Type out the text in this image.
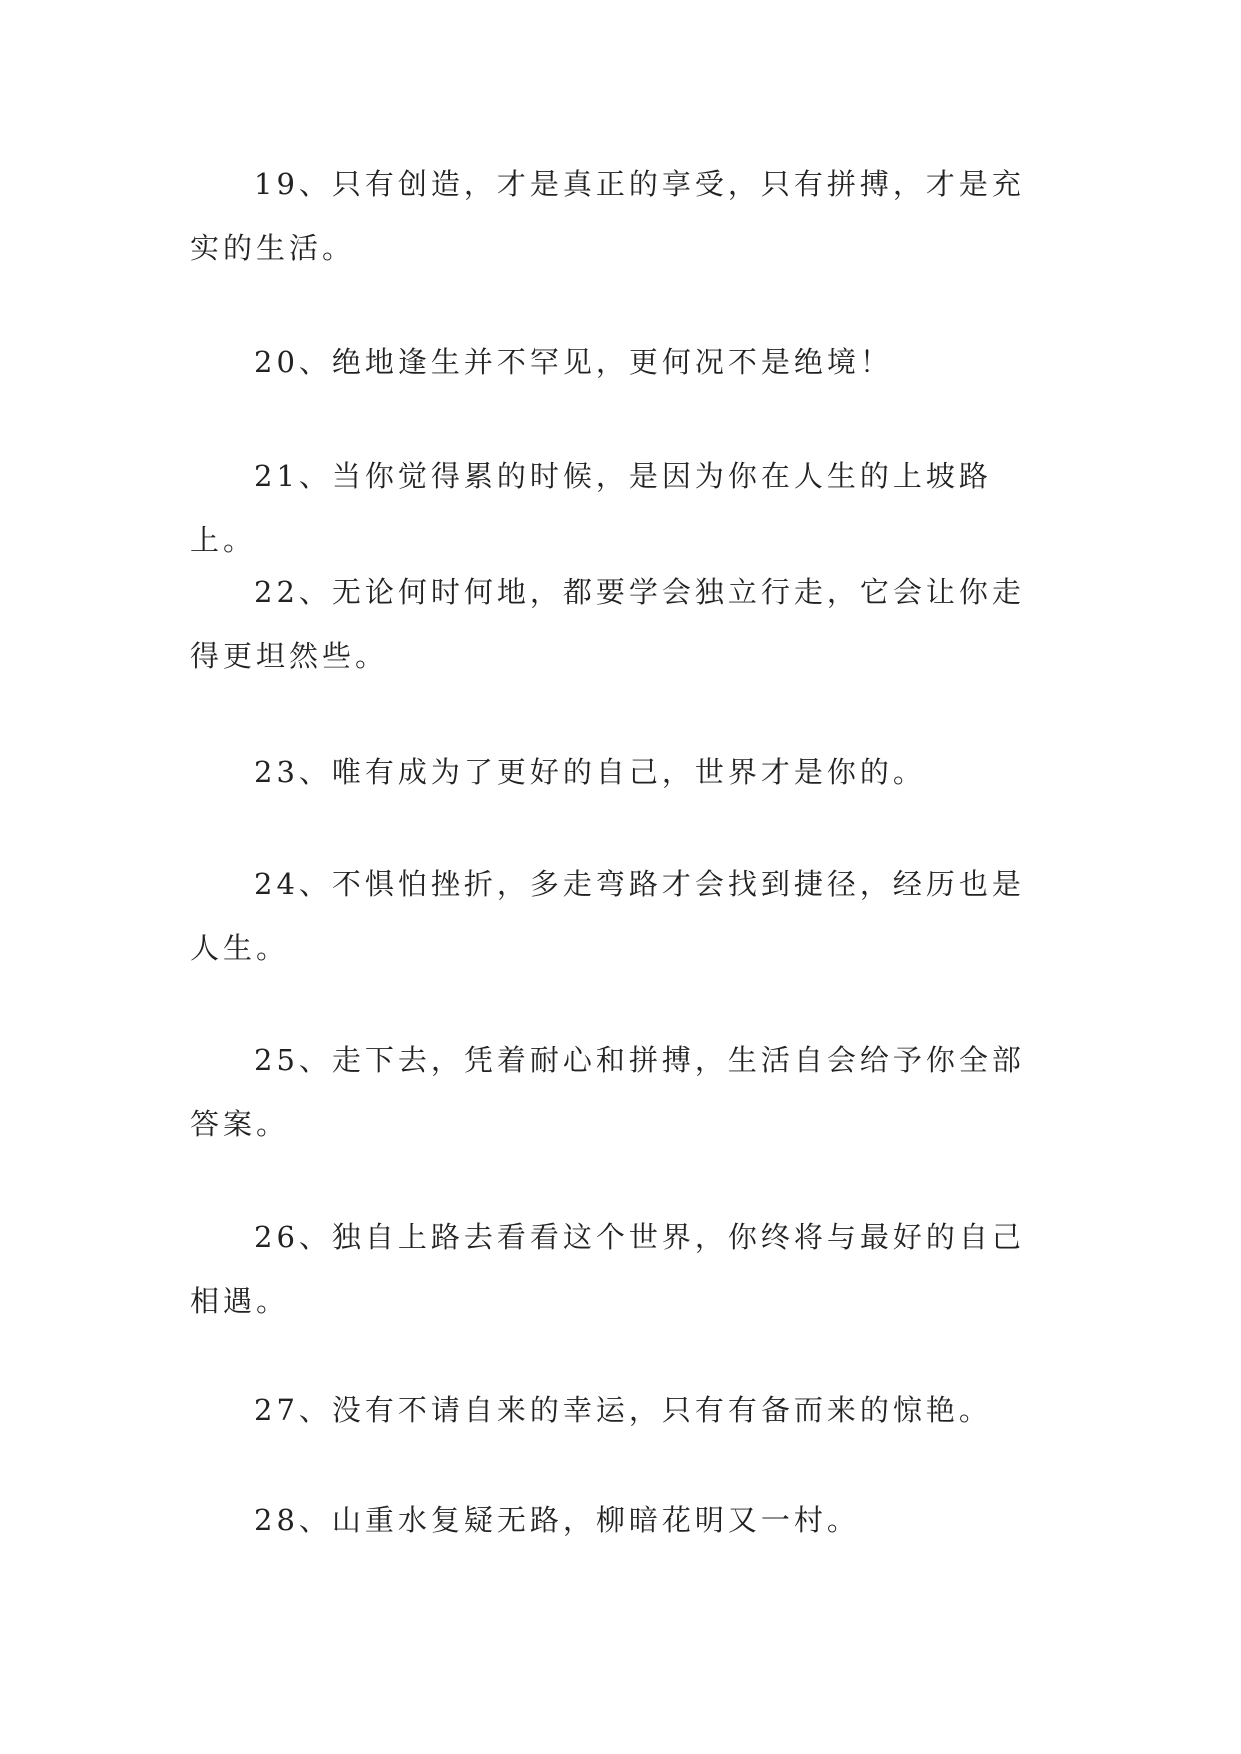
19、只有创造，才是真正的享受，只有拼搏，才是充实的生活。

20、绝地逢生并不罕见，更何况不是绝境！

21、当你觉得累的时候，是因为你在人生的上坡路上。

22、无论何时何地，都要学会独立行走，它会让你走得更坦然些。

23、唯有成为了更好的自己，世界才是你的。

24、不惧怕挫折，多走弯路才会找到捷径，经历也是人生。

25、走下去，凭着耐心和拼搏，生活自会给予你全部答案。

26、独自上路去看看这个世界，你终将与最好的自己相遇。

27、没有不请自来的幸运，只有有备而来的惊艳。

28、山重水复疑无路，柳暗花明又一村。
